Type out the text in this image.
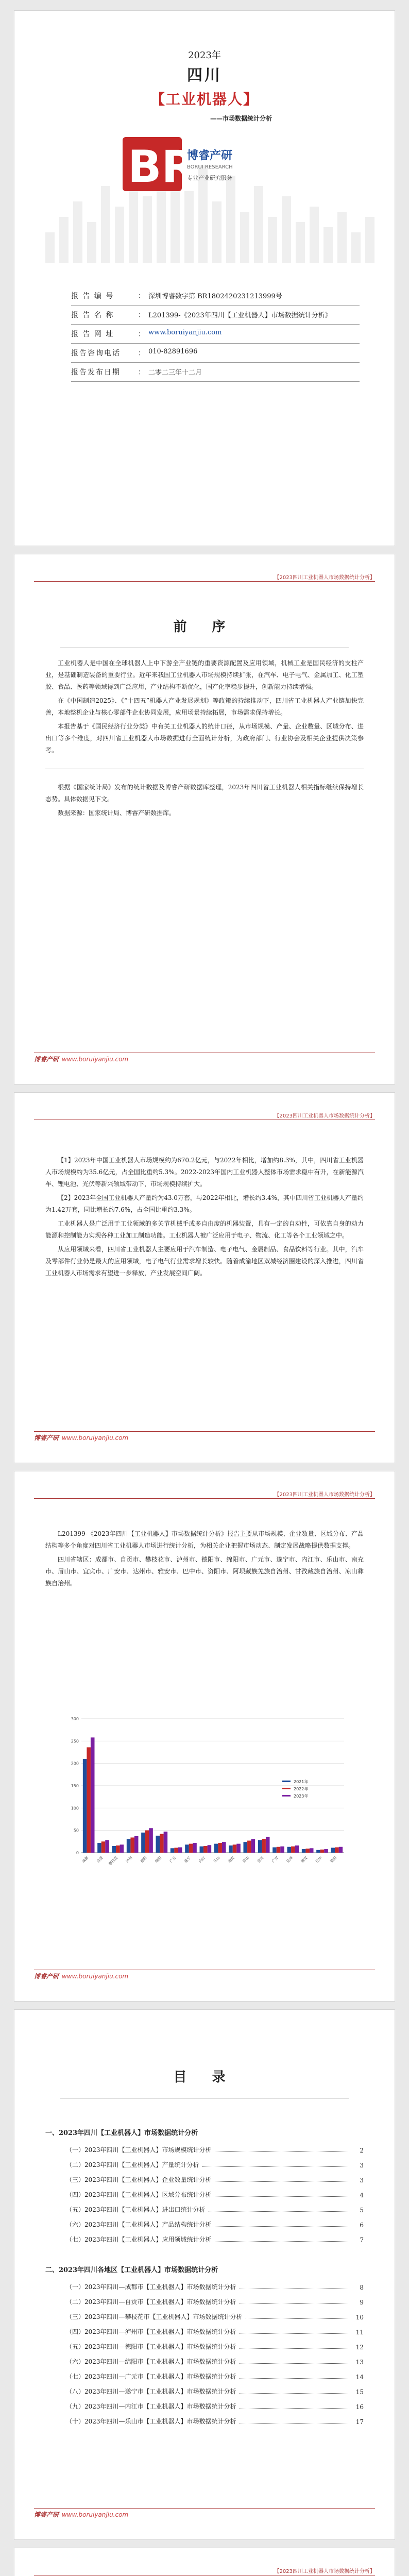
2023年
四川
【工业机器人】
——市场数据统计分析
BR
博睿产研
BORUI RESEARCH
专业产业研究服务
报 告 编 号	： 深圳博睿数字第 BR1802420231213999号
报 告 名 称	： L201399-《2023年四川【工业机器人】市场数据统计分析》
报 告 网 址	： www.boruiyanjiu.com
报告咨询电话	： 010-82891696
报告发布日期	： 二零二三年十二月
【2023四川工业机器人市场数据统计分析】
前 序

工业机器人是中国在全球机器人上中下游全产业链的重要资源配置及应用领域，机械工业是国民经济的支柱产业，是基础制造装备的重要行业。近年来我国工业机器人市场规模持续扩张，在汽车、电子电气、金属加工、化工塑胶、食品、医药等领域得到广泛应用，产业结构不断优化，国产化率稳步提升，创新能力持续增强。

在《中国制造2025》、《“十四五”机器人产业发展规划》等政策的持续推动下，四川省工业机器人产业链加快完善，本地整机企业与核心零部件企业协同发展，应用场景持续拓展，市场需求保持增长。

本报告基于《国民经济行业分类》中有关工业机器人的统计口径，从市场规模、产量、企业数量、区域分布、进出口等多个维度，对四川省工业机器人市场数据进行全面统计分析，为政府部门、行业协会及相关企业提供决策参考。

根据《国家统计局》发布的统计数据及博睿产研数据库整理，2023年四川省工业机器人相关指标继续保持增长态势。具体数据见下文。

数据来源：国家统计局、博睿产研数据库。

博睿产研 www.boruiyanjiu.com
【2023四川工业机器人市场数据统计分析】

【1】2023年中国工业机器人市场规模约为670.2亿元，与2022年相比，增加约8.3%，其中，四川省工业机器人市场规模约为35.6亿元，占全国比重约5.3%。2022-2023年国内工业机器人整体市场需求稳中有升，在新能源汽车、锂电池、光伏等新兴领域带动下，市场规模持续扩大。

【2】2023年全国工业机器人产量约为43.0万套，与2022年相比，增长约3.4%，其中四川省工业机器人产量约为1.42万套，同比增长约7.6%，占全国比重约3.3%。

工业机器人是广泛用于工业领域的多关节机械手或多自由度的机器装置，具有一定的自动性，可依靠自身的动力能源和控制能力实现各种工业加工制造功能。工业机器人被广泛应用于电子、物流、化工等各个工业领域之中。

从应用领域来看，四川省工业机器人主要应用于汽车制造、电子电气、金属制品、食品饮料等行业。其中，汽车及零部件行业仍是最大的应用领域，电子电气行业需求增长较快。随着成渝地区双城经济圈建设的深入推进，四川省工业机器人市场需求有望进一步释放，产业发展空间广阔。

博睿产研 www.boruiyanjiu.com
【2023四川工业机器人市场数据统计分析】

L201399-《2023年四川【工业机器人】市场数据统计分析》报告主要从市场规模、企业数量、区域分布、产品结构等多个角度对四川省工业机器人市场进行统计分析，为相关企业把握市场动态、制定发展战略提供数据支撑。

四川省辖区：成都市、自贡市、攀枝花市、泸州市、德阳市、绵阳市、广元市、遂宁市、内江市、乐山市、南充市、眉山市、宜宾市、广安市、达州市、雅安市、巴中市、资阳市、阿坝藏族羌族自治州、甘孜藏族自治州、凉山彝族自治州。

0
50
100
150
200
250
300
成都 自贡 攀枝花 泸州 德阳 绵阳 广元 遂宁 内江 乐山 南充 眉山 宜宾 广安 达州 雅安 巴中 资阳
2021年
2022年
2023年
博睿产研 www.boruiyanjiu.com
目 录
一、2023年四川【工业机器人】市场数据统计分析
（一）2023年四川【工业机器人】市场规模统计分析	2
（二）2023年四川【工业机器人】产量统计分析	3
（三）2023年四川【工业机器人】企业数量统计分析	3
（四）2023年四川【工业机器人】区域分布统计分析	4
（五）2023年四川【工业机器人】进出口统计分析	5
（六）2023年四川【工业机器人】产品结构统计分析	6
（七）2023年四川【工业机器人】应用领域统计分析	7
二、2023年四川各地区【工业机器人】市场数据统计分析
（一）2023年四川—成都市【工业机器人】市场数据统计分析	8
（二）2023年四川—自贡市【工业机器人】市场数据统计分析	9
（三）2023年四川—攀枝花市【工业机器人】市场数据统计分析	10
（四）2023年四川—泸州市【工业机器人】市场数据统计分析	11
（五）2023年四川—德阳市【工业机器人】市场数据统计分析	12
（六）2023年四川—绵阳市【工业机器人】市场数据统计分析	13
（七）2023年四川—广元市【工业机器人】市场数据统计分析	14
（八）2023年四川—遂宁市【工业机器人】市场数据统计分析	15
（九）2023年四川—内江市【工业机器人】市场数据统计分析	16
（十）2023年四川—乐山市【工业机器人】市场数据统计分析	17
博睿产研 www.boruiyanjiu.com
【2023四川工业机器人市场数据统计分析】
